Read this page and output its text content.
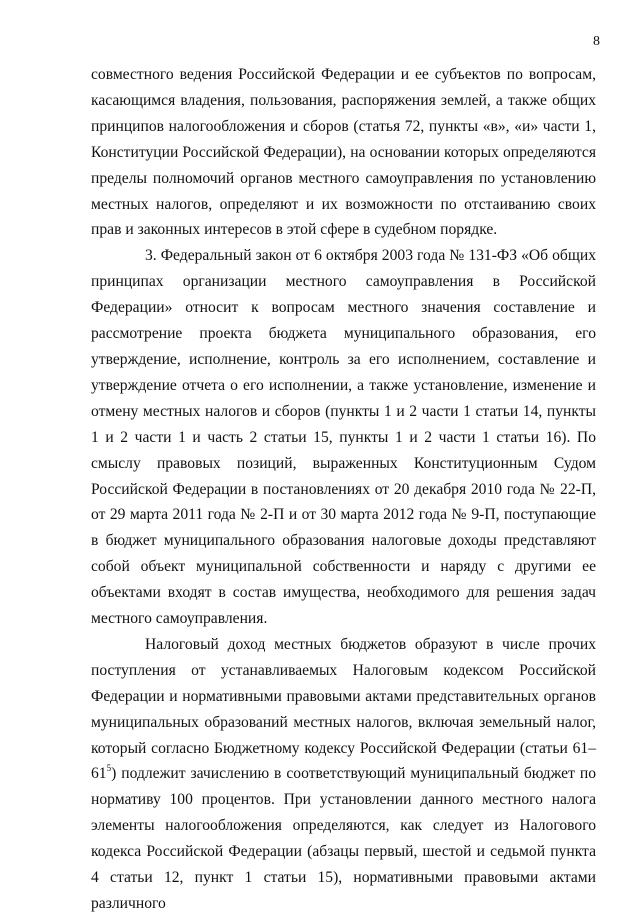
8

совместного ведения Российской Федерации и ее субъектов по вопросам, касающимся владения, пользования, распоряжения землей, а также общих принципов налогообложения и сборов (статья 72, пункты «в», «и» части 1, Конституции Российской Федерации), на основании которых определяются пределы полномочий органов местного самоуправления по установлению местных налогов, определяют и их возможности по отстаиванию своих прав и законных интересов в этой сфере в судебном порядке.

3. Федеральный закон от 6 октября 2003 года № 131-ФЗ «Об общих принципах организации местного самоуправления в Российской Федерации» относит к вопросам местного значения составление и рассмотрение проекта бюджета муниципального образования, его утверждение, исполнение, контроль за его исполнением, составление и утверждение отчета о его исполнении, а также установление, изменение и отмену местных налогов и сборов (пункты 1 и 2 части 1 статьи 14, пункты 1 и 2 части 1 и часть 2 статьи 15, пункты 1 и 2 части 1 статьи 16). По смыслу правовых позиций, выраженных Конституционным Судом Российской Федерации в постановлениях от 20 декабря 2010 года № 22-П, от 29 марта 2011 года № 2-П и от 30 марта 2012 года № 9-П, поступающие в бюджет муниципального образования налоговые доходы представляют собой объект муниципальной собственности и наряду с другими ее объектами входят в состав имущества, необходимого для решения задач местного самоуправления.

Налоговый доход местных бюджетов образуют в числе прочих поступления от устанавливаемых Налоговым кодексом Российской Федерации и нормативными правовыми актами представительных органов муниципальных образований местных налогов, включая земельный налог, который согласно Бюджетному кодексу Российской Федерации (статьи $61-61^5$) подлежит зачислению в соответствующий муниципальный бюджет по нормативу 100 процентов. При установлении данного местного налога элементы налогообложения определяются, как следует из Налогового кодекса Российской Федерации (абзацы первый, шестой и седьмой пункта 4 статьи 12, пункт 1 статьи 15), нормативными правовыми актами различного
